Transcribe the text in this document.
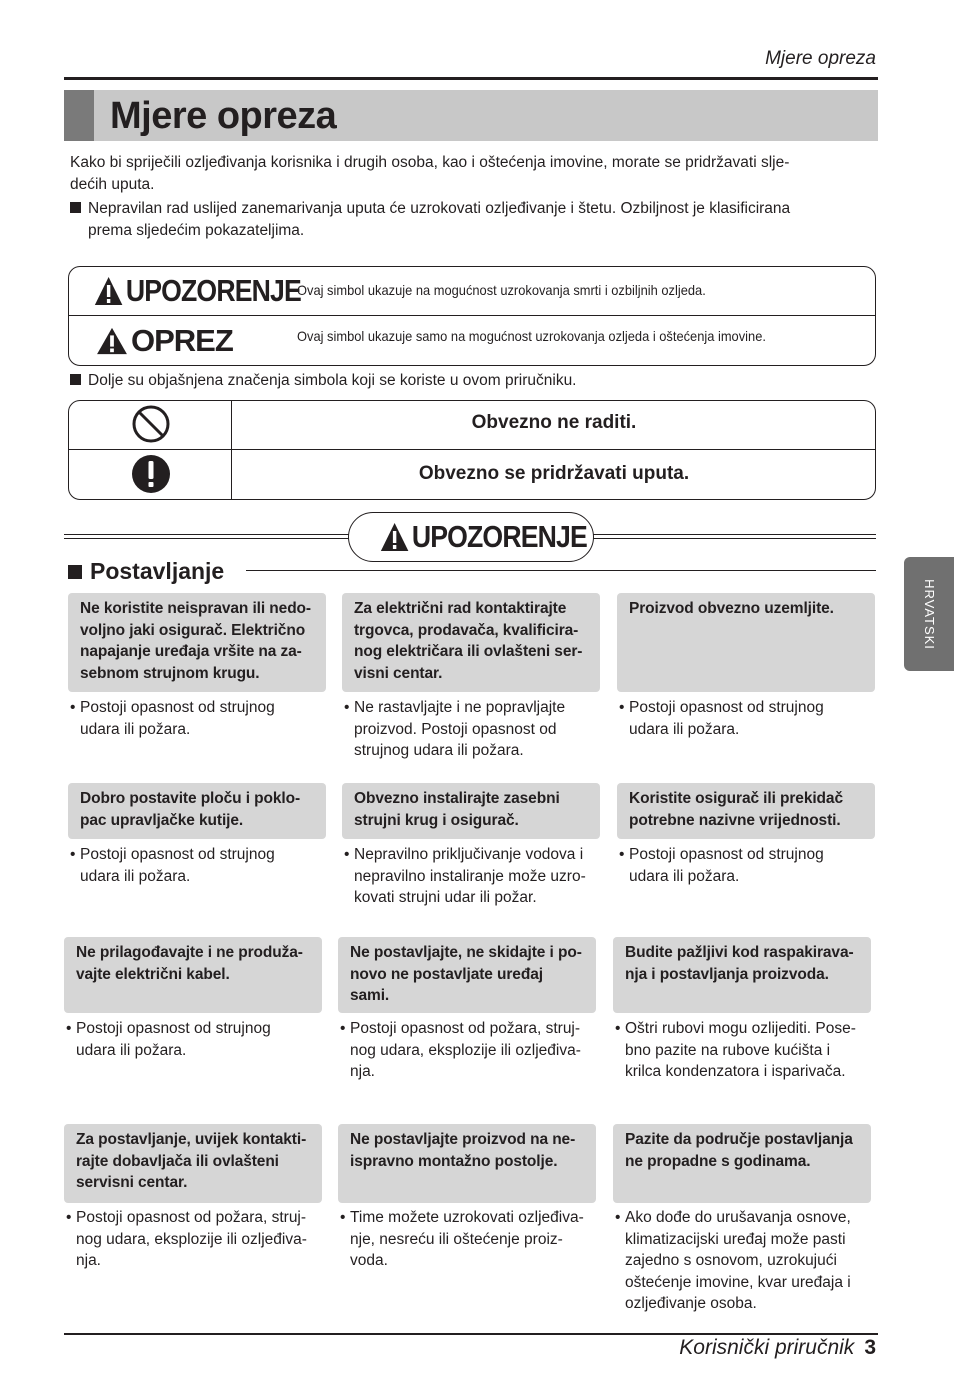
Mjere opreza
Mjere opreza

Kako bi spriječili ozljeđivanja korisnika i drugih osoba, kao i oštećenja imovine, morate se pridržavati slje-
dećih uputa.

Nepravilan rad uslijed zanemarivanja uputa će uzrokovati ozljeđivanje i štetu. Ozbiljnost je klasificirana
prema sljedećim pokazateljima.

UPOZORENJE
Ovaj simbol ukazuje na mogućnost uzrokovanja smrti i ozbiljnih ozljeda.
OPREZ	Ovaj simbol ukazuje samo na mogućnost uzrokovanja ozljeda i oštećenja imovine.

Dolje su objašnjena značenja simbola koji se koriste u ovom priručniku.

Obvezno ne raditi.
Obvezno se pridržavati uputa.
UPOZORENJE
Postavljanje
Ne koristite neispravan ili nedo-
voljno jaki osigurač. Električno
napajanje uređaja vršite na za-
sebnom strujnom krugu.
• Postoji opasnost od strujnog
udara ili požara.
Za električni rad kontaktirajte
trgovca, prodavača, kvalificira-
nog električara ili ovlašteni ser-
visni centar.
• Ne rastavljajte i ne popravljajte
proizvod. Postoji opasnost od
strujnog udara ili požara.
Proizvod obvezno uzemljite.
• Postoji opasnost od strujnog
udara ili požara.
Dobro postavite ploču i poklo-
pac upravljačke kutije.
• Postoji opasnost od strujnog
udara ili požara.
Obvezno instalirajte zasebni
strujni krug i osigurač.
• Nepravilno priključivanje vodova i
nepravilno instaliranje može uzro-
kovati strujni udar ili požar.
Koristite osigurač ili prekidač
potrebne nazivne vrijednosti.
• Postoji opasnost od strujnog
udara ili požara.
Ne prilagođavajte i ne produža-
vajte električni kabel.
• Postoji opasnost od strujnog
udara ili požara.
Ne postavljajte, ne skidajte i po-
novo ne postavljate uređaj
sami.
• Postoji opasnost od požara, struj-
nog udara, eksplozije ili ozljeđiva-
nja.
Budite pažljivi kod raspakirava-
nja i postavljanja proizvoda.
• Oštri rubovi mogu ozlijediti. Pose-
bno pazite na rubove kućišta i
krilca kondenzatora i isparivača.
Za postavljanje, uvijek kontakti-
rajte dobavljača ili ovlašteni
servisni centar.
• Postoji opasnost od požara, struj-
nog udara, eksplozije ili ozljeđiva-
nja.
Ne postavljajte proizvod na ne-
ispravno montažno postolje.
• Time možete uzrokovati ozljeđiva-
nje, nesreću ili oštećenje proiz-
voda.
Pazite da područje postavljanja
ne propadne s godinama.
• Ako dođe do urušavanja osnove,
klimatizacijski uređaj može pasti
zajedno s osnovom, uzrokujući
oštećenje imovine, kvar uređaja i
ozljeđivanje osoba.
HRVATSKI
Korisnički priručnik 3
